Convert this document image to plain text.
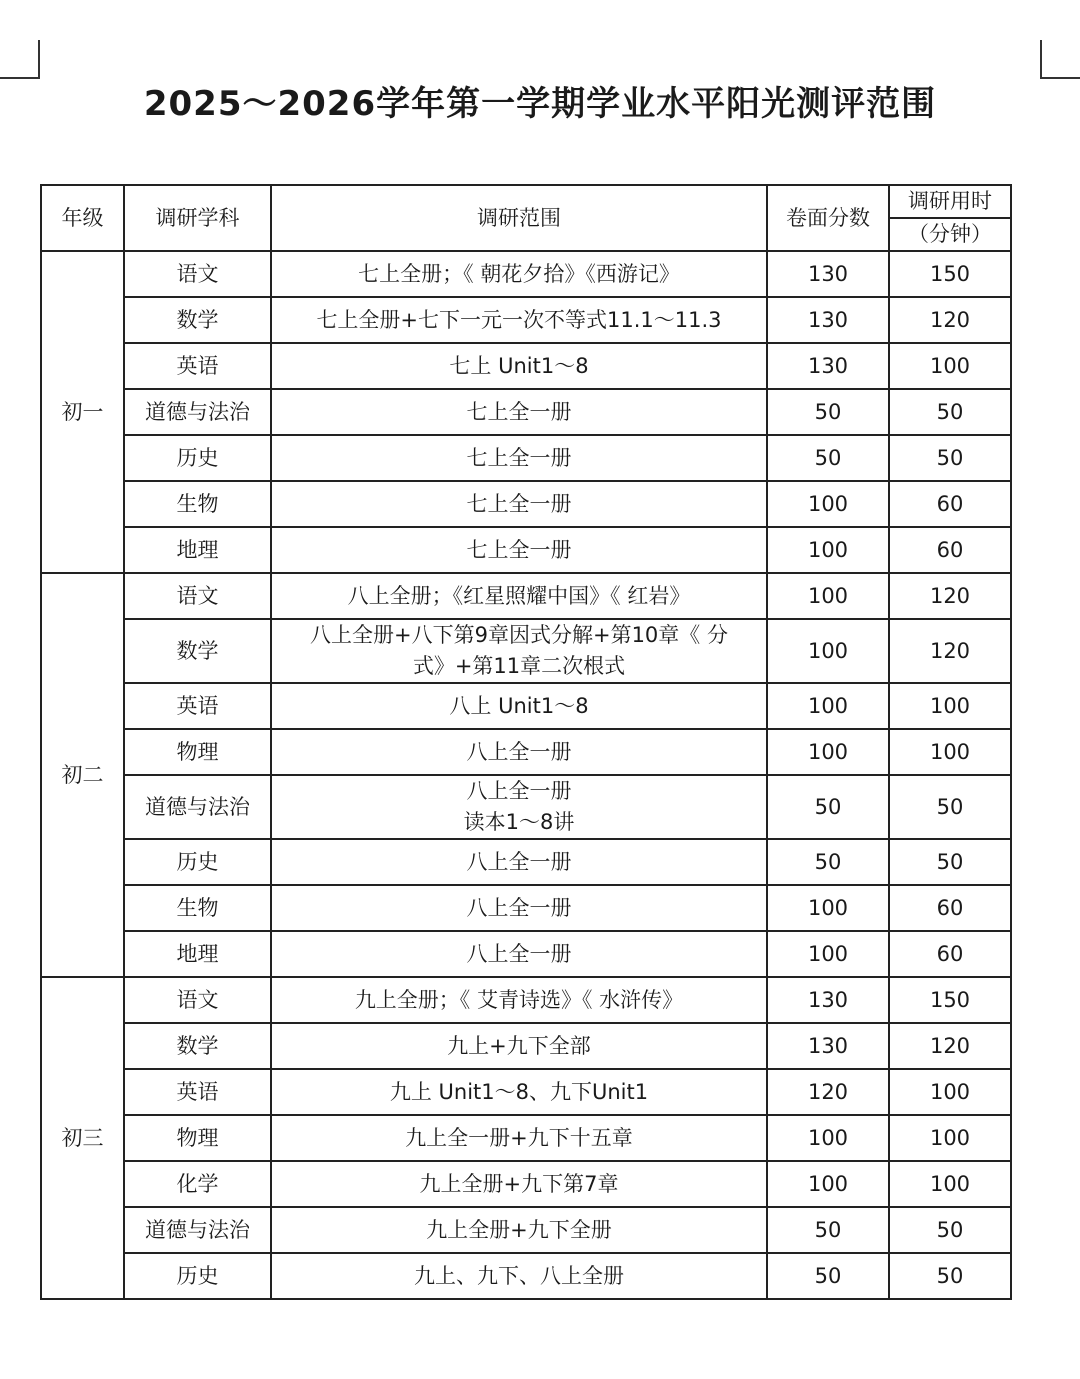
2025～2026学年第一学期学业水平阳光测评范围
年级	调研学科	调研范围	卷面分数	调研用时
（分钟）

初一	语文	七上全册；《 朝花夕拾》《西游记》	130	150
	数学	七上全册+七下一元一次不等式11.1～11.3	130	120
	英语	七上 Unit1～8	130	100
	道德与法治	七上全一册	50	50
	历史	七上全一册	50	50
	生物	七上全一册	100	60
	地理	七上全一册	100	60
初二	语文	八上全册；《红星照耀中国》《 红岩》	100	120
	数学	八上全册+八下第9章因式分解+第10章《 分
式》+第11章二次根式	100	120
	英语	八上 Unit1～8	100	100
	物理	八上全一册	100	100
	道德与法治	八上全一册
读本1～8讲	50	50
	历史	八上全一册	50	50
	生物	八上全一册	100	60
	地理	八上全一册	100	60
初三	语文	九上全册；《 艾青诗选》《 水浒传》	130	150
	数学	九上+九下全部	130	120
	英语	九上 Unit1～8、九下Unit1	120	100
	物理	九上全一册+九下十五章	100	100
	化学	九上全册+九下第7章	100	100
	道德与法治	九上全册+九下全册	50	50
	历史	九上、九下、八上全册	50	50
